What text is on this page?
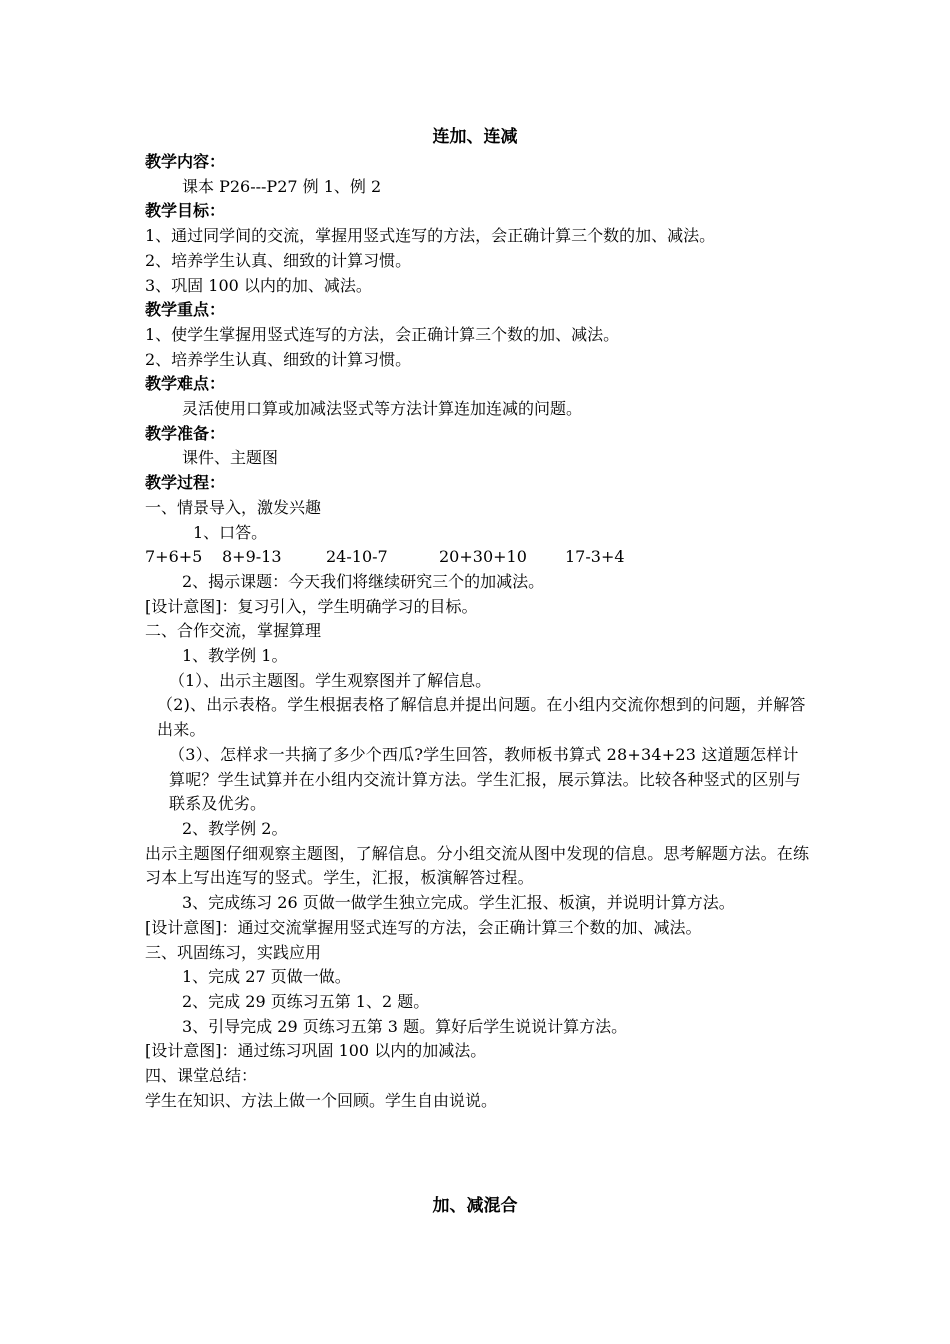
连加、连减
教学内容：
课本 P26---P27 例 1、例 2
教学目标：
1、通过同学间的交流，掌握用竖式连写的方法，会正确计算三个数的加、减法。
2、培养学生认真、细致的计算习惯。
3、巩固 100 以内的加、减法。
教学重点：
1、使学生掌握用竖式连写的方法，会正确计算三个数的加、减法。
2、培养学生认真、细致的计算习惯。
教学难点：
灵活使用口算或加减法竖式等方法计算连加连减的问题。
教学准备：
课件、主题图
教学过程：
一、情景导入，激发兴趣
1、口答。
7+6+5 8+9-13	24-10-7	20+30+10 17-3+4
2、揭示课题：今天我们将继续研究三个的加减法。
[设计意图]：复习引入，学生明确学习的目标。
二、合作交流，掌握算理
1、教学例 1。
（1）、出示主题图。学生观察图并了解信息。
（2)、出示表格。学生根据表格了解信息并提出问题。在小组内交流你想到的问题，并解答出来。
（3）、怎样求一共摘了多少个西瓜?学生回答，教师板书算式 28+34+23 这道题怎样计算呢？学生试算并在小组内交流计算方法。学生汇报，展示算法。比较各种竖式的区别与联系及优劣。
2、教学例 2。
出示主题图仔细观察主题图，了解信息。分小组交流从图中发现的信息。思考解题方法。在练习本上写出连写的竖式。学生，汇报，板演解答过程。
3、完成练习 26 页做一做学生独立完成。学生汇报、板演，并说明计算方法。
[设计意图]：通过交流掌握用竖式连写的方法，会正确计算三个数的加、减法。
三、巩固练习，实践应用
1、完成 27 页做一做。
2、完成 29 页练习五第 1、2 题。
3、引导完成 29 页练习五第 3 题。算好后学生说说计算方法。
[设计意图]：通过练习巩固 100 以内的加减法。
四、课堂总结：
学生在知识、方法上做一个回顾。学生自由说说。
加、减混合
